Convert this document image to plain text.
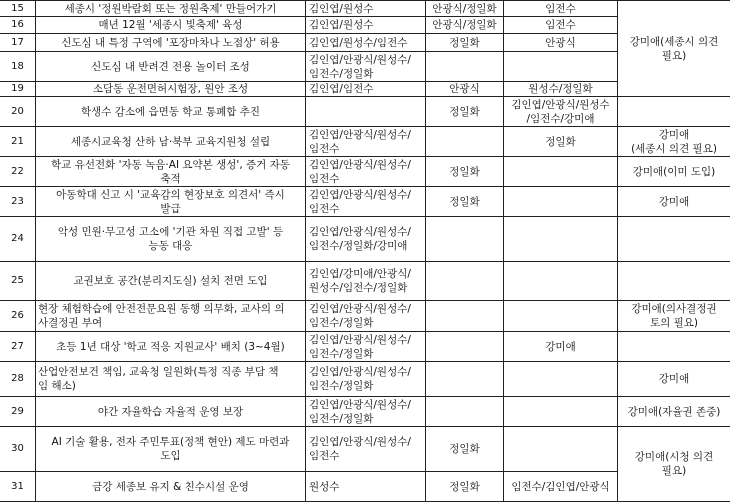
15	세종시 '정원박람회 또는 정원축제' 만들어가기	김인엽/원성수	안광식/정일화	임전수	강미애(세종시 의견
필요)
16	매년 12월 '세종시 빛축제' 육성	김인엽/원성수	안광식/정일화	임전수	
17	신도심 내 특정 구역에 '포장마차나 노점상' 허용	김인엽/원성수/임전수	정일화	안광식	
18	신도심 내 반려견 전용 놀이터 조성	김인엽/안광식/원성수/
임전수/정일화			
19	소담동 운전면허시험장, 원안 조성	김인엽/임전수	안광식	원성수/정일화	
20	학생수 감소에 읍면동 학교 통폐합 추진		정일화	김인엽/안광식/원성수
/임전수/강미애	
21	세종시교육청 산하 남·북부 교육지원청 설립	김인엽/안광식/원성수/
임전수		정일화	강미애
(세종시 의견 필요)
22	학교 유선전화 '자동 녹음·AI 요약본 생성', 증거 자동
축적	김인엽/안광식/원성수/
임전수	정일화		강미애(이미 도입)
23	아동학대 신고 시 '교육감의 현장보호 의견서' 즉시
발급	김인엽/안광식/원성수/
임전수	정일화		강미애
24	악성 민원·무고성 고소에 '기관 차원 직접 고발' 등
능동 대응	김인엽/안광식/원성수/
임전수/정일화/강미애			
25	교권보호 공간(분리지도실) 설치 전면 도입	김인엽/강미애/안광식/
원성수/임전수/정일화			
26	현장 체험학습에 안전전문요원 동행 의무화, 교사의 의
사결정권 부여	김인엽/안광식/원성수/
임전수/정일화			강미애(의사결정권
토의 필요)
27	초등 1년 대상 '학교 적응 지원교사' 배치 (3~4월)	김인엽/안광식/원성수/
임전수/정일화		강미애	
28	산업안전보건 책임, 교육청 일원화(특정 직종 부담 책
임 해소)	김인엽/안광식/원성수/
임전수/정일화			강미애
29	야간 자율학습 자율적 운영 보장	김인엽/안광식/원성수/
임전수/정일화			강미애(자율권 존중)
30	AI 기술 활용, 전자 주민투표(정책 현안) 제도 마련과
도입	김인엽/안광식/원성수/
임전수	정일화		강미애(시청 의견
필요)
31	금강 세종보 유지 & 친수시설 운영	원성수	정일화	임전수/김인엽/안광식	
